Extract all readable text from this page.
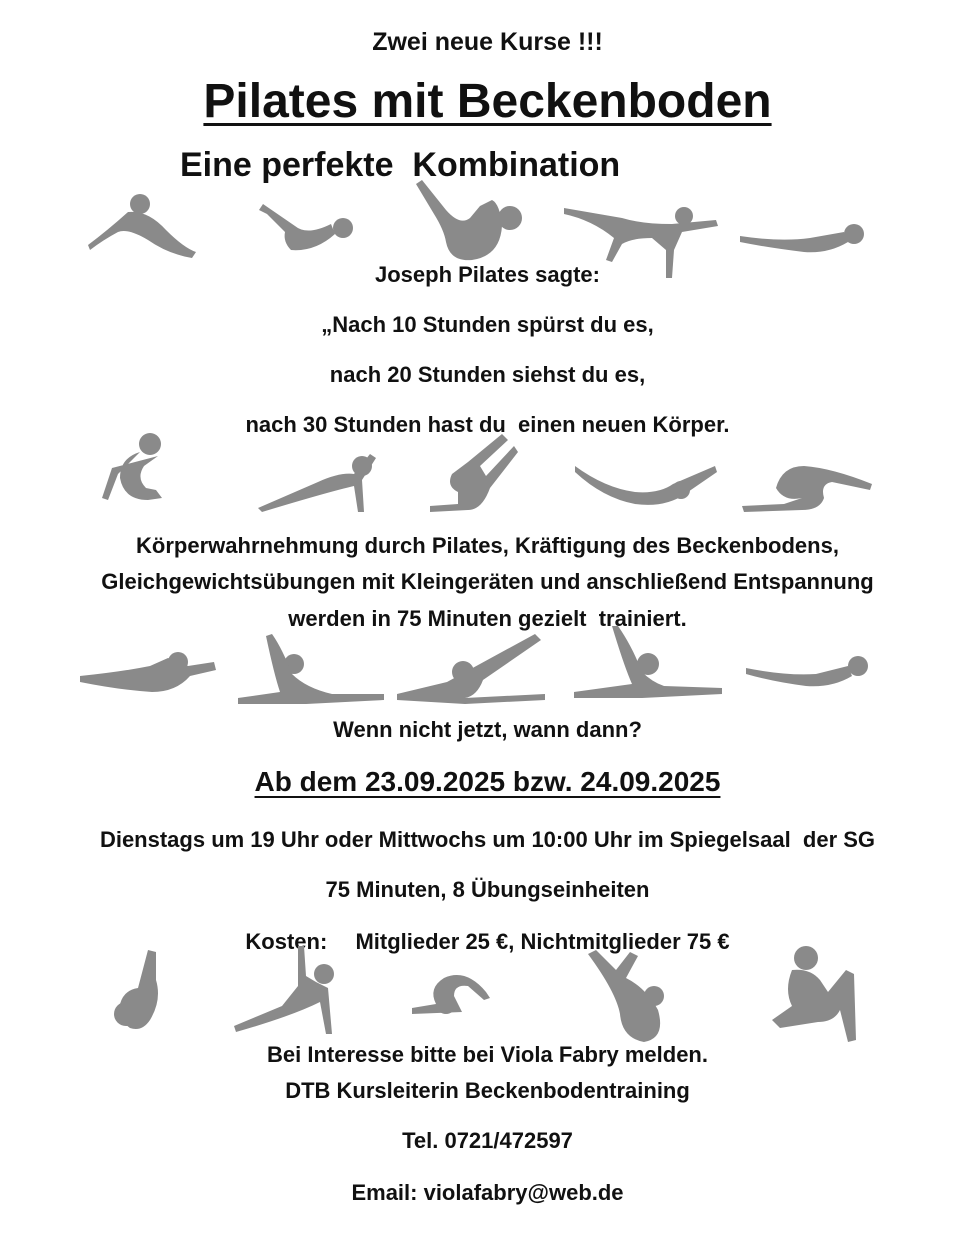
Zwei neue Kurse !!!
Pilates mit Beckenboden
Eine perfekte  Kombination
Joseph Pilates sagte:
„Nach 10 Stunden spürst du es,
nach 20 Stunden siehst du es,
nach 30 Stunden hast du  einen neuen Körper.
Körperwahrnehmung durch Pilates, Kräftigung des Beckenbodens,
Gleichgewichtsübungen mit Kleingeräten und anschließend Entspannung
werden in 75 Minuten gezielt  trainiert.
Wenn nicht jetzt, wann dann?
Ab dem 23.09.2025 bzw. 24.09.2025
Dienstags um 19 Uhr oder Mittwochs um 10:00 Uhr im Spiegelsaal  der SG
75 Minuten, 8 Übungseinheiten
Kosten: Mitglieder 25 €, Nichtmitglieder 75 €
Bei Interesse bitte bei Viola Fabry melden.
DTB Kursleiterin Beckenbodentraining
Tel. 0721/472597
Email: violafabry@web.de
